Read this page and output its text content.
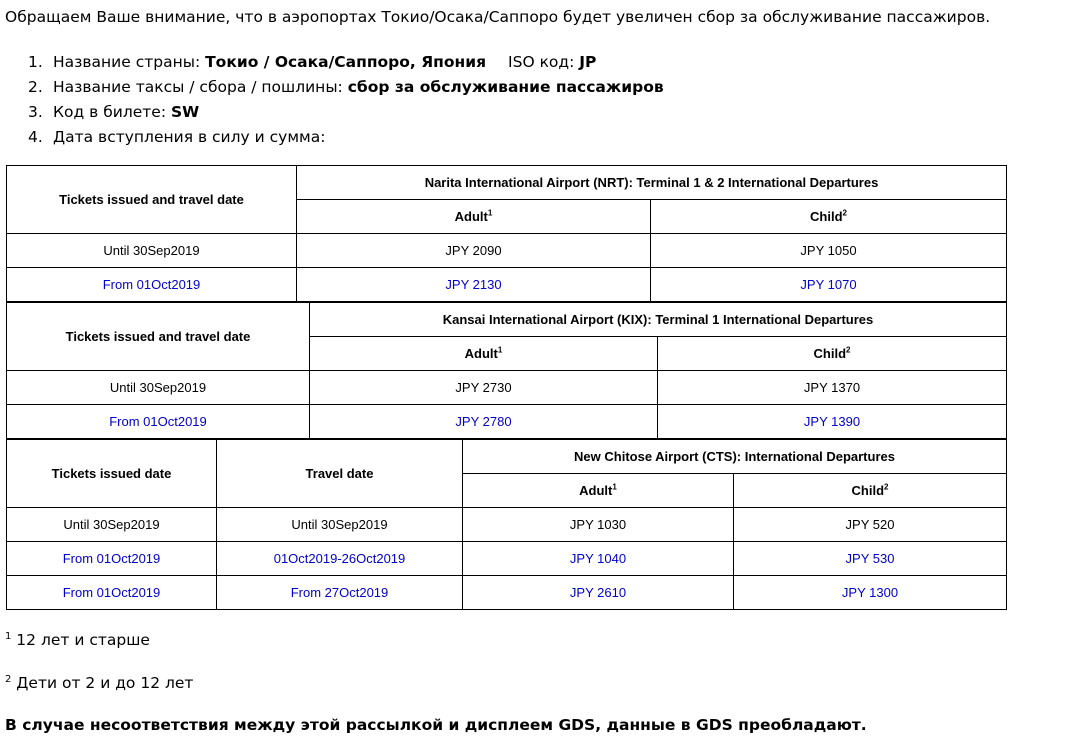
Обращаем Ваше внимание, что в аэропортах Токио/Осака/Саппоро будет увеличен сбор за обслуживание пассажиров.
1. Название страны: Токио / Осака/Саппоро, Япония ISO код: JP
2. Название таксы / сбора / пошлины: сбор за обслуживание пассажиров
3. Код в билете: SW
4. Дата вступления в силу и сумма:
Tickets issued and travel date	Narita International Airport (NRT): Terminal 1 & 2 International Departures	
	Adult$^1$	Child$^2$
Until 30Sep2019	JPY 2090	JPY 1050
From 01Oct2019	JPY 2130	JPY 1070
Tickets issued and travel date	Kansai International Airport (KIX): Terminal 1 International Departures	
	Adult$^1$	Child$^2$
Until 30Sep2019	JPY 2730	JPY 1370
From 01Oct2019	JPY 2780	JPY 1390
Tickets issued date	Travel date	New Chitose Airport (CTS): International Departures	
		Adult$^1$	Child$^2$
Until 30Sep2019	Until 30Sep2019	JPY 1030	JPY 520
From 01Oct2019	01Oct2019-26Oct2019	JPY 1040	JPY 530
From 01Oct2019	From 27Oct2019	JPY 2610	JPY 1300
$^1$ 12 лет и старше
$^2$ Дети от 2 и до 12 лет
В случае несоответствия между этой рассылкой и дисплеем GDS, данные в GDS преобладают.
